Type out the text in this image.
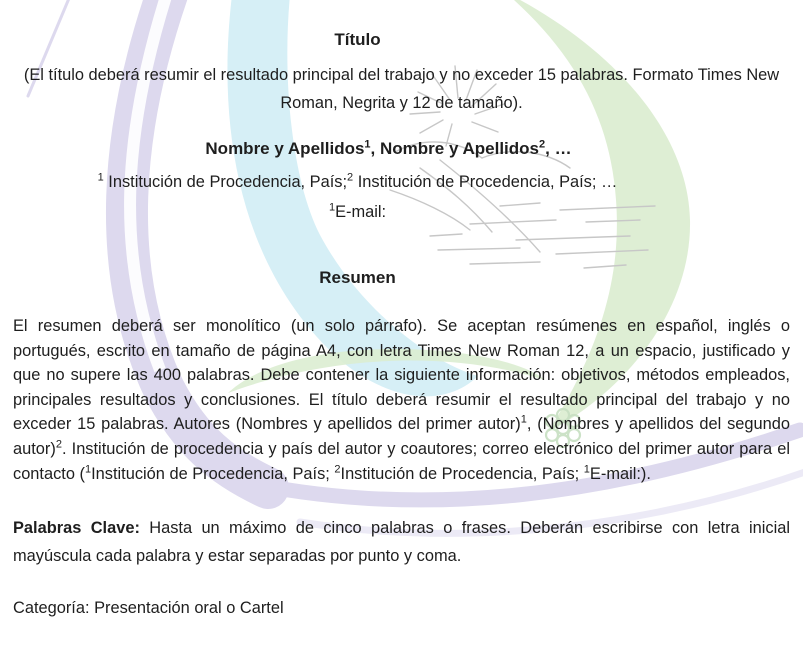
Título

(El título deberá resumir el resultado principal del trabajo y no exceder 15 palabras. Formato Times New Roman, Negrita y 12 de tamaño).

Nombre y Apellidos$^1$, Nombre y Apellidos$^2$, …

$^1$ Institución de Procedencia, País;$^2$ Institución de Procedencia, País; …

$^1$E-mail:

Resumen

El resumen deberá ser monolítico (un solo párrafo). Se aceptan resúmenes en español, inglés o portugués, escrito en tamaño de página A4, con letra Times New Roman 12, a un espacio, justificado y que no supere las 400 palabras. Debe contener la siguiente información: objetivos, métodos empleados, principales resultados y conclusiones. El título deberá resumir el resultado principal del trabajo y no exceder 15 palabras. Autores (Nombres y apellidos del primer autor)$^1$, (Nombres y apellidos del segundo autor)$^2$. Institución de procedencia y país del autor y coautores; correo electrónico del primer autor para el contacto ($^1$Institución de Procedencia, País; $^2$Institución de Procedencia, País; $^1$E-mail:).

Palabras Clave: Hasta un máximo de cinco palabras o frases. Deberán escribirse con letra inicial mayúscula cada palabra y estar separadas por punto y coma.

Categoría: Presentación oral o Cartel
